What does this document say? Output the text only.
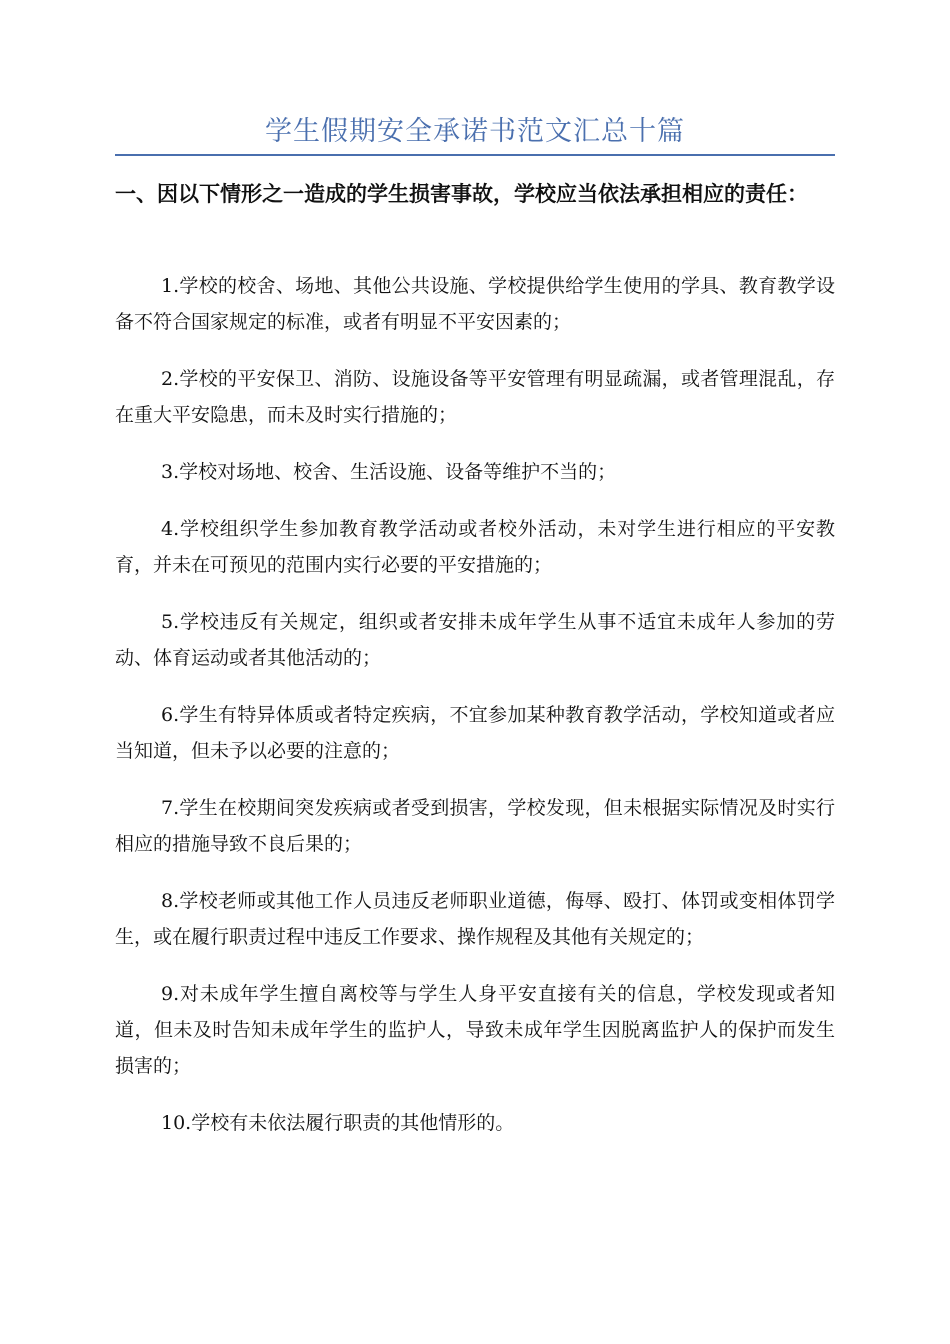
学生假期安全承诺书范文汇总十篇
一、因以下情形之一造成的学生损害事故，学校应当依法承担相应的责任：

1.学校的校舍、场地、其他公共设施、学校提供给学生使用的学具、教育教学设备不符合国家规定的标准，或者有明显不平安因素的；

2.学校的平安保卫、消防、设施设备等平安管理有明显疏漏，或者管理混乱，存在重大平安隐患，而未及时实行措施的；

3.学校对场地、校舍、生活设施、设备等维护不当的；

4.学校组织学生参加教育教学活动或者校外活动，未对学生进行相应的平安教育，并未在可预见的范围内实行必要的平安措施的；

5.学校违反有关规定，组织或者安排未成年学生从事不适宜未成年人参加的劳动、体育运动或者其他活动的；

6.学生有特异体质或者特定疾病，不宜参加某种教育教学活动，学校知道或者应当知道，但未予以必要的注意的；

7.学生在校期间突发疾病或者受到损害，学校发现，但未根据实际情况及时实行相应的措施导致不良后果的；

8.学校老师或其他工作人员违反老师职业道德，侮辱、殴打、体罚或变相体罚学生，或在履行职责过程中违反工作要求、操作规程及其他有关规定的；

9.对未成年学生擅自离校等与学生人身平安直接有关的信息，学校发现或者知道，但未及时告知未成年学生的监护人，导致未成年学生因脱离监护人的保护而发生损害的；

10.学校有未依法履行职责的其他情形的。
